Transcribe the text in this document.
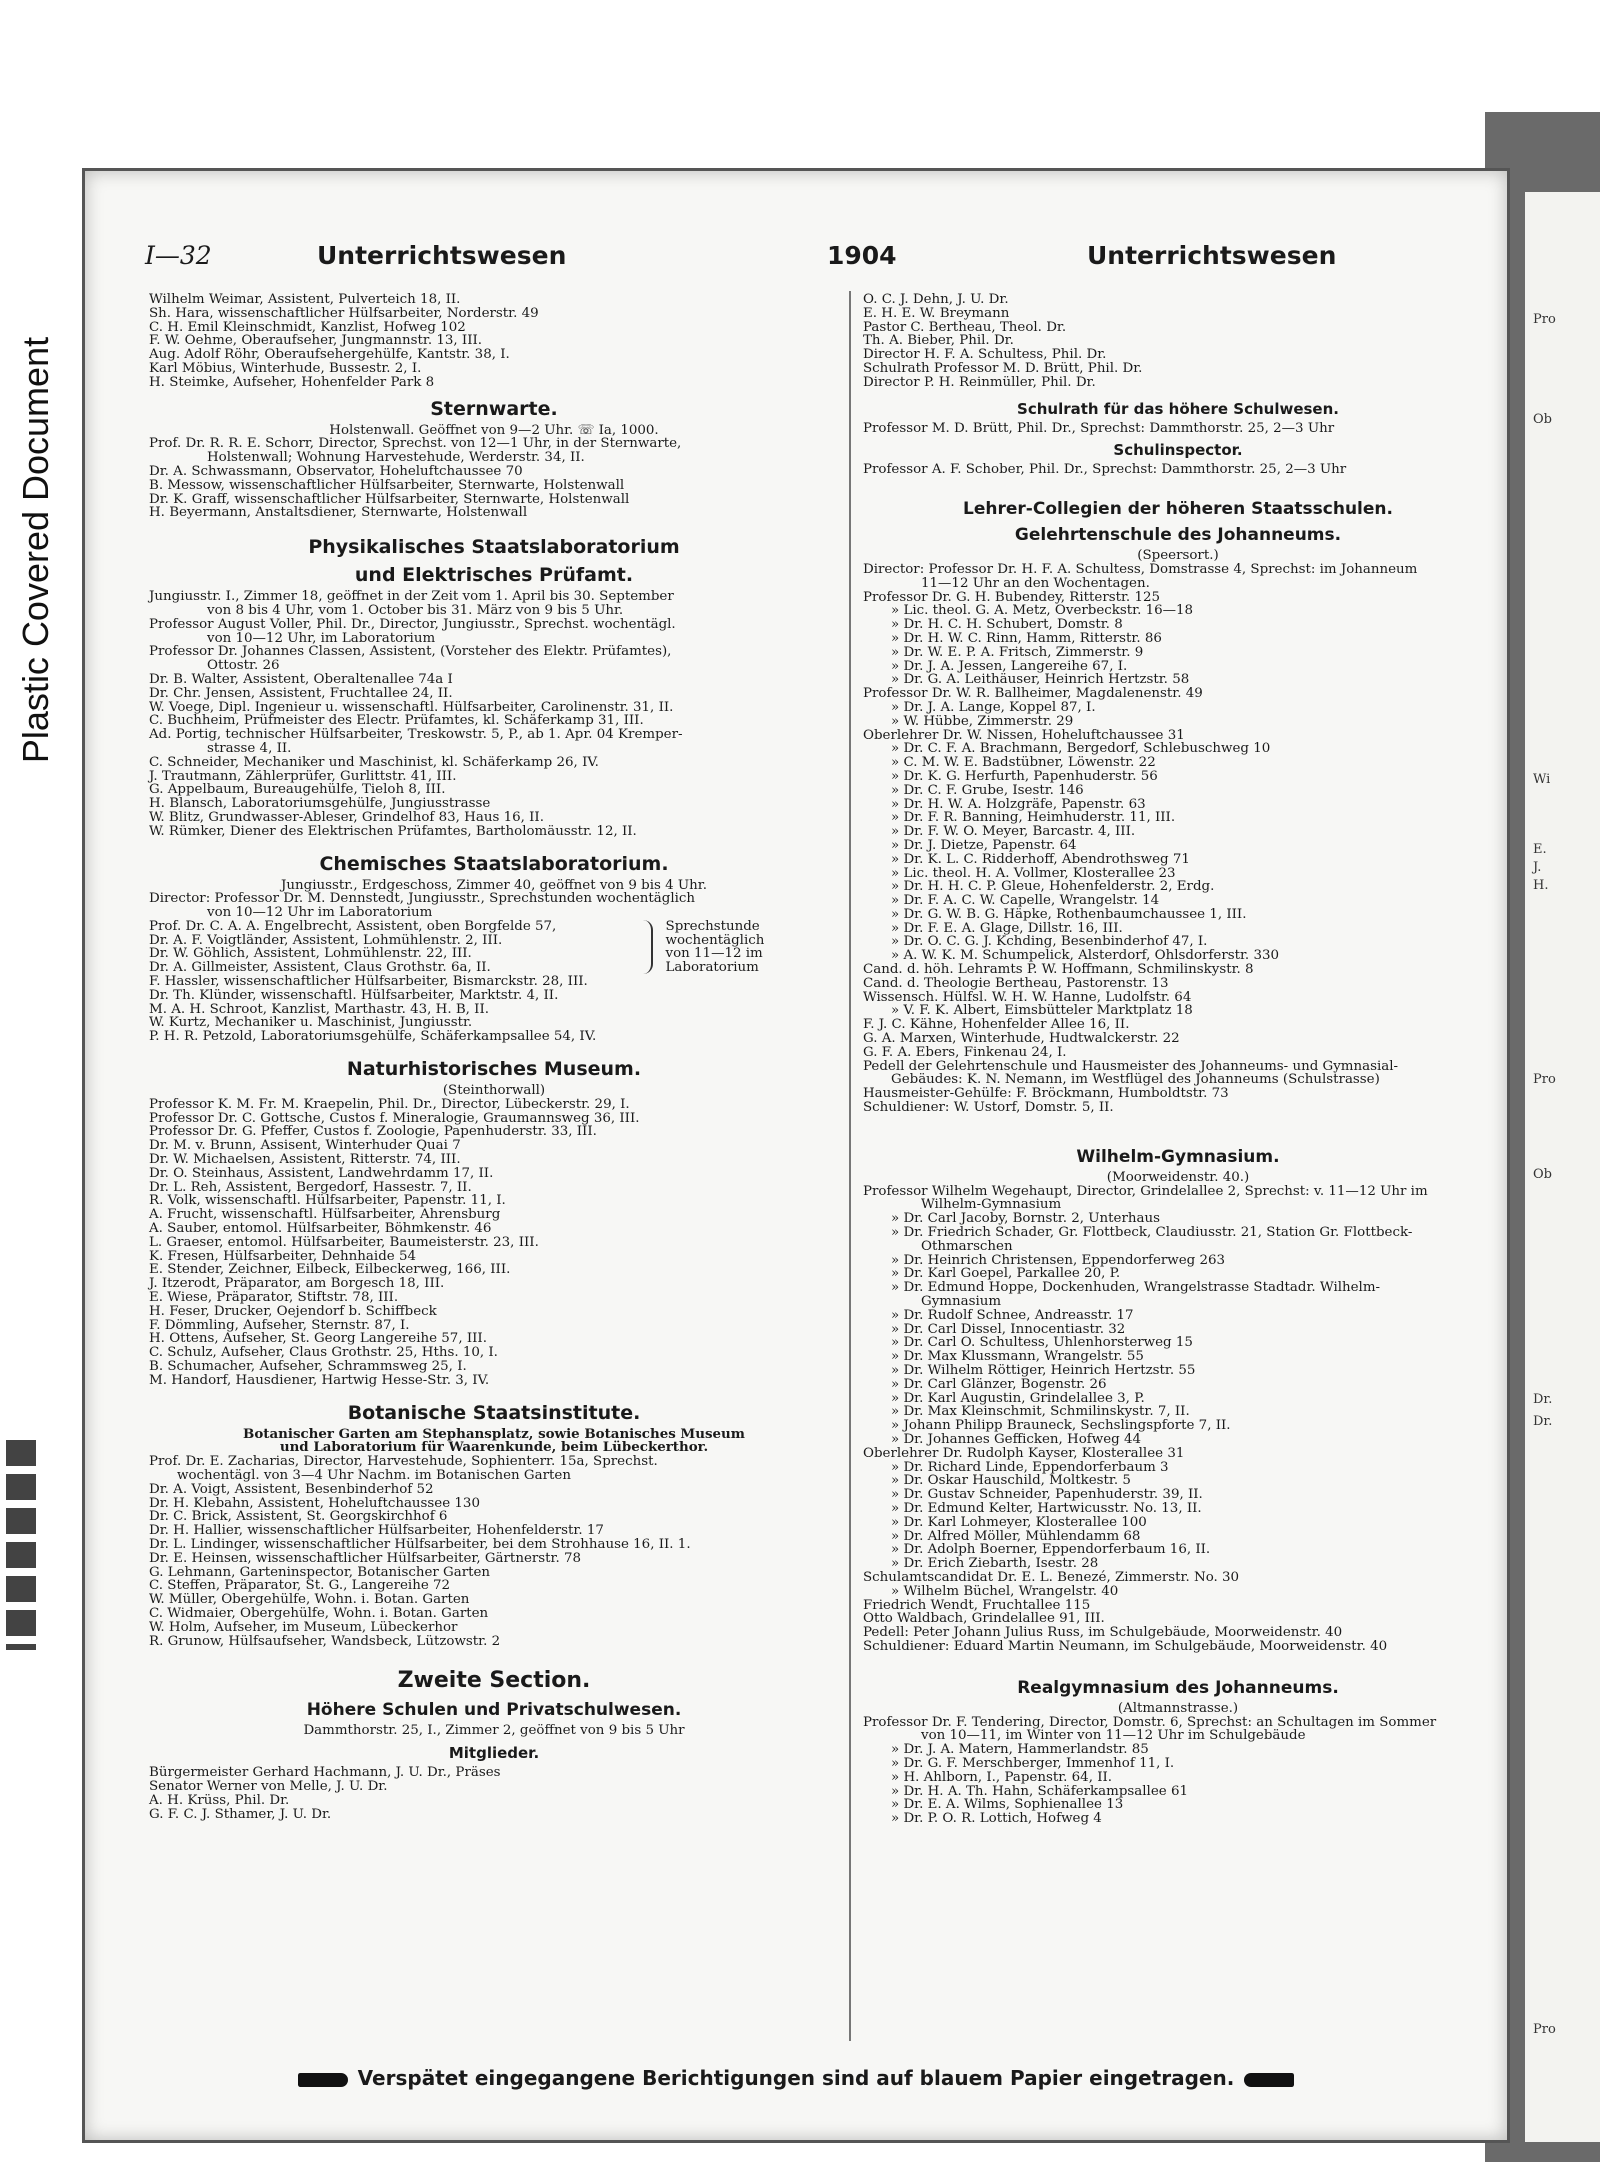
Plastic Covered Document
Pro
Ob
Wi
E.
J.
H.
Pro
Ob
Dr.
Dr.
Pro
I—32	Unterrichtswesen	1904	Unterrichtswesen

Wilhelm Weimar, Assistent, Pulverteich 18, II.

Sh. Hara, wissenschaftlicher Hülfsarbeiter, Norderstr. 49

C. H. Emil Kleinschmidt, Kanzlist, Hofweg 102

F. W. Oehme, Oberaufseher, Jungmannstr. 13, III.

Aug. Adolf Röhr, Oberaufsehergehülfe, Kantstr. 38, I.

Karl Möbius, Winterhude, Bussestr. 2, I.

H. Steimke, Aufseher, Hohenfelder Park 8

Sternwarte.

Holstenwall. Geöffnet von 9—2 Uhr. ☏ Ia, 1000.

Prof. Dr. R. R. E. Schorr, Director, Sprechst. von 12—1 Uhr, in der Sternwarte,

Holstenwall; Wohnung Harvestehude, Werderstr. 34, II.

Dr. A. Schwassmann, Observator, Hoheluftchaussee 70

B. Messow, wissenschaftlicher Hülfsarbeiter, Sternwarte, Holstenwall

Dr. K. Graff, wissenschaftlicher Hülfsarbeiter, Sternwarte, Holstenwall

H. Beyermann, Anstaltsdiener, Sternwarte, Holstenwall

Physikalisches Staatslaboratorium
und Elektrisches Prüfamt.

Jungiusstr. I., Zimmer 18, geöffnet in der Zeit vom 1. April bis 30. September

von 8 bis 4 Uhr, vom 1. October bis 31. März von 9 bis 5 Uhr.

Professor August Voller, Phil. Dr., Director, Jungiusstr., Sprechst. wochentägl.

von 10—12 Uhr, im Laboratorium

Professor Dr. Johannes Classen, Assistent, (Vorsteher des Elektr. Prüfamtes),

Ottostr. 26

Dr. B. Walter, Assistent, Oberaltenallee 74a I

Dr. Chr. Jensen, Assistent, Fruchtallee 24, II.

W. Voege, Dipl. Ingenieur u. wissenschaftl. Hülfsarbeiter, Carolinenstr. 31, II.

C. Buchheim, Prüfmeister des Electr. Prüfamtes, kl. Schäferkamp 31, III.

Ad. Portig, technischer Hülfsarbeiter, Treskowstr. 5, P., ab 1. Apr. 04 Kremper-

strasse 4, II.

C. Schneider, Mechaniker und Maschinist, kl. Schäferkamp 26, IV.

J. Trautmann, Zählerprüfer, Gurlittstr. 41, III.

G. Appelbaum, Bureaugehülfe, Tieloh 8, III.

H. Blansch, Laboratoriumsgehülfe, Jungiusstrasse

W. Blitz, Grundwasser-Ableser, Grindelhof 83, Haus 16, II.

W. Rümker, Diener des Elektrischen Prüfamtes, Bartholomäusstr. 12, II.

Chemisches Staatslaboratorium.

Jungiusstr., Erdgeschoss, Zimmer 40, geöffnet von 9 bis 4 Uhr.

Director: Professor Dr. M. Dennstedt, Jungiusstr., Sprechstunden wochentäglich

von 10—12 Uhr im Laboratorium

Prof. Dr. C. A. A. Engelbrecht, Assistent, oben Borgfelde 57,

Dr. A. F. Voigtländer, Assistent, Lohmühlenstr. 2, III.

Dr. W. Göhlich, Assistent, Lohmühlenstr. 22, III.

Dr. A. Gillmeister, Assistent, Claus Grothstr. 6a, II.

Sprechstunde

wochentäglich

von 11—12 im

Laboratorium

F. Hassler, wissenschaftlicher Hülfsarbeiter, Bismarckstr. 28, III.

Dr. Th. Klünder, wissenschaftl. Hülfsarbeiter, Marktstr. 4, II.

M. A. H. Schroot, Kanzlist, Marthastr. 43, H. B, II.

W. Kurtz, Mechaniker u. Maschinist, Jungiusstr.

P. H. R. Petzold, Laboratoriumsgehülfe, Schäferkampsallee 54, IV.

Naturhistorisches Museum.

(Steinthorwall)

Professor K. M. Fr. M. Kraepelin, Phil. Dr., Director, Lübeckerstr. 29, I.

Professor Dr. C. Gottsche, Custos f. Mineralogie, Graumannsweg 36, III.

Professor Dr. G. Pfeffer, Custos f. Zoologie, Papenhuderstr. 33, III.

Dr. M. v. Brunn, Assisent, Winterhuder Quai 7

Dr. W. Michaelsen, Assistent, Ritterstr. 74, III.

Dr. O. Steinhaus, Assistent, Landwehrdamm 17, II.

Dr. L. Reh, Assistent, Bergedorf, Hassestr. 7, II.

R. Volk, wissenschaftl. Hülfsarbeiter, Papenstr. 11, I.

A. Frucht, wissenschaftl. Hülfsarbeiter, Ahrensburg

A. Sauber, entomol. Hülfsarbeiter, Böhmkenstr. 46

L. Graeser, entomol. Hülfsarbeiter, Baumeisterstr. 23, III.

K. Fresen, Hülfsarbeiter, Dehnhaide 54

E. Stender, Zeichner, Eilbeck, Eilbeckerweg, 166, III.

J. Itzerodt, Präparator, am Borgesch 18, III.

E. Wiese, Präparator, Stiftstr. 78, III.

H. Feser, Drucker, Oejendorf b. Schiffbeck

F. Dömmling, Aufseher, Sternstr. 87, I.

H. Ottens, Aufseher, St. Georg Langereihe 57, III.

C. Schulz, Aufseher, Claus Grothstr. 25, Hths. 10, I.

B. Schumacher, Aufseher, Schrammsweg 25, I.

M. Handorf, Hausdiener, Hartwig Hesse-Str. 3, IV.

Botanische Staatsinstitute.

Botanischer Garten am Stephansplatz, sowie Botanisches Museum

und Laboratorium für Waarenkunde, beim Lübeckerthor.

Prof. Dr. E. Zacharias, Director, Harvestehude, Sophienterr. 15a, Sprechst.

wochentägl. von 3—4 Uhr Nachm. im Botanischen Garten

Dr. A. Voigt, Assistent, Besenbinderhof 52

Dr. H. Klebahn, Assistent, Hoheluftchaussee 130

Dr. C. Brick, Assistent, St. Georgskirchhof 6

Dr. H. Hallier, wissenschaftlicher Hülfsarbeiter, Hohenfelderstr. 17

Dr. L. Lindinger, wissenschaftlicher Hülfsarbeiter, bei dem Strohhause 16, II. 1.

Dr. E. Heinsen, wissenschaftlicher Hülfsarbeiter, Gärtnerstr. 78

G. Lehmann, Garteninspector, Botanischer Garten

C. Steffen, Präparator, St. G., Langereihe 72

W. Müller, Obergehülfe, Wohn. i. Botan. Garten

C. Widmaier, Obergehülfe, Wohn. i. Botan. Garten

W. Holm, Aufseher, im Museum, Lübeckerhor

R. Grunow, Hülfsaufseher, Wandsbeck, Lützowstr. 2

Zweite Section.
Höhere Schulen und Privatschulwesen.

Dammthorstr. 25, I., Zimmer 2, geöffnet von 9 bis 5 Uhr

Mitglieder.

Bürgermeister Gerhard Hachmann, J. U. Dr., Präses

Senator Werner von Melle, J. U. Dr.

A. H. Krüss, Phil. Dr.

G. F. C. J. Sthamer, J. U. Dr.

O. C. J. Dehn, J. U. Dr.

E. H. E. W. Breymann

Pastor C. Bertheau, Theol. Dr.

Th. A. Bieber, Phil. Dr.

Director H. F. A. Schultess, Phil. Dr.

Schulrath Professor M. D. Brütt, Phil. Dr.

Director P. H. Reinmüller, Phil. Dr.

Schulrath für das höhere Schulwesen.

Professor M. D. Brütt, Phil. Dr., Sprechst: Dammthorstr. 25, 2—3 Uhr

Schulinspector.

Professor A. F. Schober, Phil. Dr., Sprechst: Dammthorstr. 25, 2—3 Uhr

Lehrer-Collegien der höheren Staatsschulen.
Gelehrtenschule des Johanneums.

(Speersort.)

Director: Professor Dr. H. F. A. Schultess, Domstrasse 4, Sprechst: im Johanneum

11—12 Uhr an den Wochentagen.

Professor Dr. G. H. Bubendey, Ritterstr. 125

» Lic. theol. G. A. Metz, Overbeckstr. 16—18

» Dr. H. C. H. Schubert, Domstr. 8

» Dr. H. W. C. Rinn, Hamm, Ritterstr. 86

» Dr. W. E. P. A. Fritsch, Zimmerstr. 9

» Dr. J. A. Jessen, Langereihe 67, I.

» Dr. G. A. Leithäuser, Heinrich Hertzstr. 58

Professor Dr. W. R. Ballheimer, Magdalenenstr. 49

» Dr. J. A. Lange, Koppel 87, I.

» W. Hübbe, Zimmerstr. 29

Oberlehrer Dr. W. Nissen, Hoheluftchaussee 31

» Dr. C. F. A. Brachmann, Bergedorf, Schlebuschweg 10

» C. M. W. E. Badstübner, Löwenstr. 22

» Dr. K. G. Herfurth, Papenhuderstr. 56

» Dr. C. F. Grube, Isestr. 146

» Dr. H. W. A. Holzgräfe, Papenstr. 63

» Dr. F. R. Banning, Heimhuderstr. 11, III.

» Dr. F. W. O. Meyer, Barcastr. 4, III.

» Dr. J. Dietze, Papenstr. 64

» Dr. K. L. C. Ridderhoff, Abendrothsweg 71

» Lic. theol. H. A. Vollmer, Klosterallee 23

» Dr. H. H. C. P. Gleue, Hohenfelderstr. 2, Erdg.

» Dr. F. A. C. W. Capelle, Wrangelstr. 14

» Dr. G. W. B. G. Häpke, Rothenbaumchaussee 1, III.

» Dr. F. E. A. Glage, Dillstr. 16, III.

» Dr. O. C. G. J. Kchding, Besenbinderhof 47, I.

» A. W. K. M. Schumpelick, Alsterdorf, Ohlsdorferstr. 330

Cand. d. höh. Lehramts P. W. Hoffmann, Schmilinskystr. 8

Cand. d. Theologie Bertheau, Pastorenstr. 13

Wissensch. Hülfsl. W. H. W. Hanne, Ludolfstr. 64

» V. F. K. Albert, Eimsbütteler Marktplatz 18

F. J. C. Kähne, Hohenfelder Allee 16, II.

G. A. Marxen, Winterhude, Hudtwalckerstr. 22

G. F. A. Ebers, Finkenau 24, I.

Pedell der Gelehrtenschule und Hausmeister des Johanneums- und Gymnasial-

Gebäudes: K. N. Nemann, im Westflügel des Johanneums (Schulstrasse)

Hausmeister-Gehülfe: F. Bröckmann, Humboldtstr. 73

Schuldiener: W. Ustorf, Domstr. 5, II.

Wilhelm-Gymnasium.

(Moorweidenstr. 40.)

Professor Wilhelm Wegehaupt, Director, Grindelallee 2, Sprechst: v. 11—12 Uhr im

Wilhelm-Gymnasium

» Dr. Carl Jacoby, Bornstr. 2, Unterhaus

» Dr. Friedrich Schader, Gr. Flottbeck, Claudiusstr. 21, Station Gr. Flottbeck-

Othmarschen

» Dr. Heinrich Christensen, Eppendorferweg 263

» Dr. Karl Goepel, Parkallee 20, P.

» Dr. Edmund Hoppe, Dockenhuden, Wrangelstrasse Stadtadr. Wilhelm-

Gymnasium

» Dr. Rudolf Schnee, Andreasstr. 17

» Dr. Carl Dissel, Innocentiastr. 32

» Dr. Carl O. Schultess, Uhlenhorsterweg 15

» Dr. Max Klussmann, Wrangelstr. 55

» Dr. Wilhelm Röttiger, Heinrich Hertzstr. 55

» Dr. Carl Glänzer, Bogenstr. 26

» Dr. Karl Augustin, Grindelallee 3, P.

» Dr. Max Kleinschmit, Schmilinskystr. 7, II.

» Johann Philipp Brauneck, Sechslingspforte 7, II.

» Dr. Johannes Gefficken, Hofweg 44

Oberlehrer Dr. Rudolph Kayser, Klosterallee 31

» Dr. Richard Linde, Eppendorferbaum 3

» Dr. Oskar Hauschild, Moltkestr. 5

» Dr. Gustav Schneider, Papenhuderstr. 39, II.

» Dr. Edmund Kelter, Hartwicusstr. No. 13, II.

» Dr. Karl Lohmeyer, Klosterallee 100

» Dr. Alfred Möller, Mühlendamm 68

» Dr. Adolph Boerner, Eppendorferbaum 16, II.

» Dr. Erich Ziebarth, Isestr. 28

Schulamtscandidat Dr. E. L. Benezé, Zimmerstr. No. 30

» Wilhelm Büchel, Wrangelstr. 40

Friedrich Wendt, Fruchtallee 115

Otto Waldbach, Grindelallee 91, III.

Pedell: Peter Johann Julius Russ, im Schulgebäude, Moorweidenstr. 40

Schuldiener: Eduard Martin Neumann, im Schulgebäude, Moorweidenstr. 40

Realgymnasium des Johanneums.

(Altmannstrasse.)

Professor Dr. F. Tendering, Director, Domstr. 6, Sprechst: an Schultagen im Sommer

von 10—11, im Winter von 11—12 Uhr im Schulgebäude

» Dr. J. A. Matern, Hammerlandstr. 85

» Dr. G. F. Merschberger, Immenhof 11, I.

» H. Ahlborn, I., Papenstr. 64, II.

» Dr. H. A. Th. Hahn, Schäferkampsallee 61

» Dr. E. A. Wilms, Sophienallee 13

» Dr. P. O. R. Lottich, Hofweg 4

Verspätet eingegangene Berichtigungen sind auf blauem Papier eingetragen.
